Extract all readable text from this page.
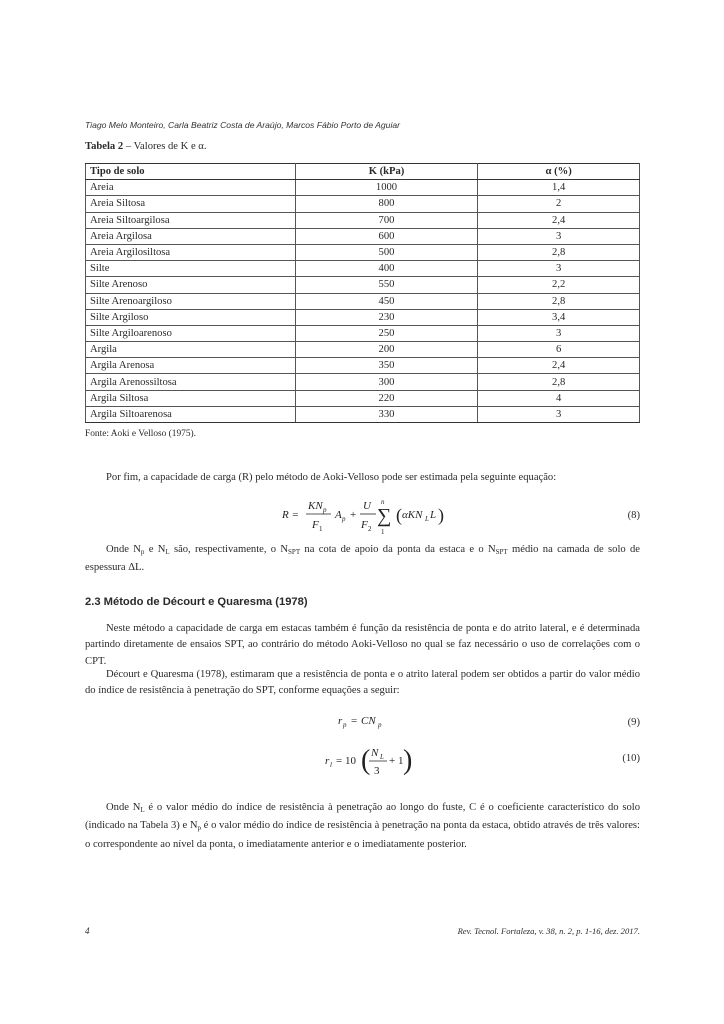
Tiago Melo Monteiro, Carla Beatriz Costa de Araújo, Marcos Fábio Porto de Aguiar
Tabela 2 – Valores de K e α.
Tipo de solo	K (kPa)	α (%)
Areia	1000	1,4
Areia Siltosa	800	2
Areia Siltoargilosa	700	2,4
Areia Argilosa	600	3
Areia Argilosiltosa	500	2,8
Silte	400	3
Silte Arenoso	550	2,2
Silte Arenoargiloso	450	2,8
Silte Argiloso	230	3,4
Silte Argiloarenoso	250	3
Argila	200	6
Argila Arenosa	350	2,4
Argila Arenossiltosa	300	2,8
Argila Siltosa	220	4
Argila Siltoarenosa	330	3
Fonte: Aoki e Velloso (1975).
Por fim, a capacidade de carga (R) pelo método de Aoki-Velloso pode ser estimada pela seguinte equação:
R =
KN p
F 1
A p +
U
F 2
n
∑
1
( αKN L L )	(8)
Onde $N_p$ e $N_L$ são, respectivamente, o $N_{SPT}$ na cota de apoio da ponta da estaca e o $N_{SPT}$ médio na camada de solo de espessura ΔL.
2.3 Método de Décourt e Quaresma (1978)
Neste método a capacidade de carga em estacas também é função da resistência de ponta e do atrito lateral, e é determinada partindo diretamente de ensaios SPT, ao contrário do método Aoki-Velloso no qual se faz necessário o uso de correlações com o CPT.
Décourt e Quaresma (1978), estimaram que a resistência de ponta e o atrito lateral podem ser obtidos a partir do valor médio do índice de resistência à penetração do SPT, conforme equações a seguir:
r p = CN p	(9)
r l = 10 ( N L
3
+ 1 )	(10)
Onde $N_L$ é o valor médio do índice de resistência à penetração ao longo do fuste, C é o coeficiente característico do solo (indicado na Tabela 3) e $N_p$ é o valor médio do índice de resistência à penetração na ponta da estaca, obtido através de três valores: o correspondente ao nível da ponta, o imediatamente anterior e o imediatamente posterior.
4	Rev. Tecnol. Fortaleza, v. 38, n. 2, p. 1-16, dez. 2017.
